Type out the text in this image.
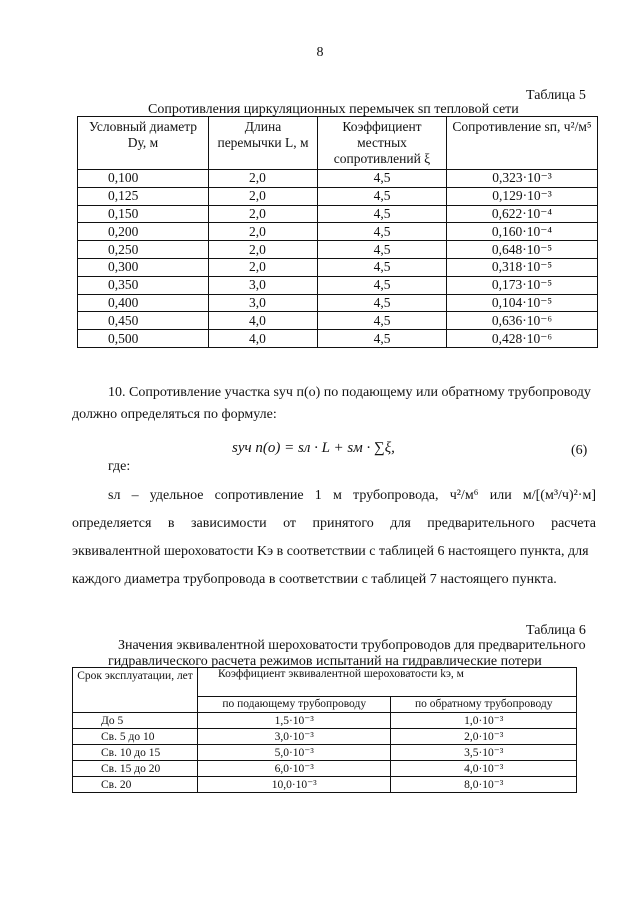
8
Таблица 5
Сопротивления циркуляционных перемычек sп тепловой сети
Условный диаметр Dу, м	Длина перемычки L, м	Коэффициент местных сопротивлений ξ	Сопротивление sп, ч²/м⁵
0,100	2,0	4,5	0,323·10⁻³
0,125	2,0	4,5	0,129·10⁻³
0,150	2,0	4,5	0,622·10⁻⁴
0,200	2,0	4,5	0,160·10⁻⁴
0,250	2,0	4,5	0,648·10⁻⁵
0,300	2,0	4,5	0,318·10⁻⁵
0,350	3,0	4,5	0,173·10⁻⁵
0,400	3,0	4,5	0,104·10⁻⁵
0,450	4,0	4,5	0,636·10⁻⁶
0,500	4,0	4,5	0,428·10⁻⁶
10. Сопротивление участка sуч п(о) по подающему или обратному трубопроводу
должно определяться по формуле:
sуч п(о) = sл · L + sм · ∑ξ,	(6)
где:
sл – удельное сопротивление 1 м трубопровода, ч²/м⁶ или м/[(м³/ч)²·м]
определяется в зависимости от принятого для предварительного расчета
эквивалентной шероховатости Kэ в соответствии с таблицей 6 настоящего пункта, для
каждого диаметра трубопровода в соответствии с таблицей 7 настоящего пункта.
Таблица 6
Значения эквивалентной шероховатости трубопроводов для предварительного
гидравлического расчета режимов испытаний на гидравлические потери
Срок эксплуатации, лет	Коэффициент эквивалентной шероховатости kэ, м	
	по подающему трубопроводу	по обратному трубопроводу
До 5	1,5·10⁻³	1,0·10⁻³
Св. 5 до 10	3,0·10⁻³	2,0·10⁻³
Св. 10 до 15	5,0·10⁻³	3,5·10⁻³
Св. 15 до 20	6,0·10⁻³	4,0·10⁻³
Св. 20	10,0·10⁻³	8,0·10⁻³
